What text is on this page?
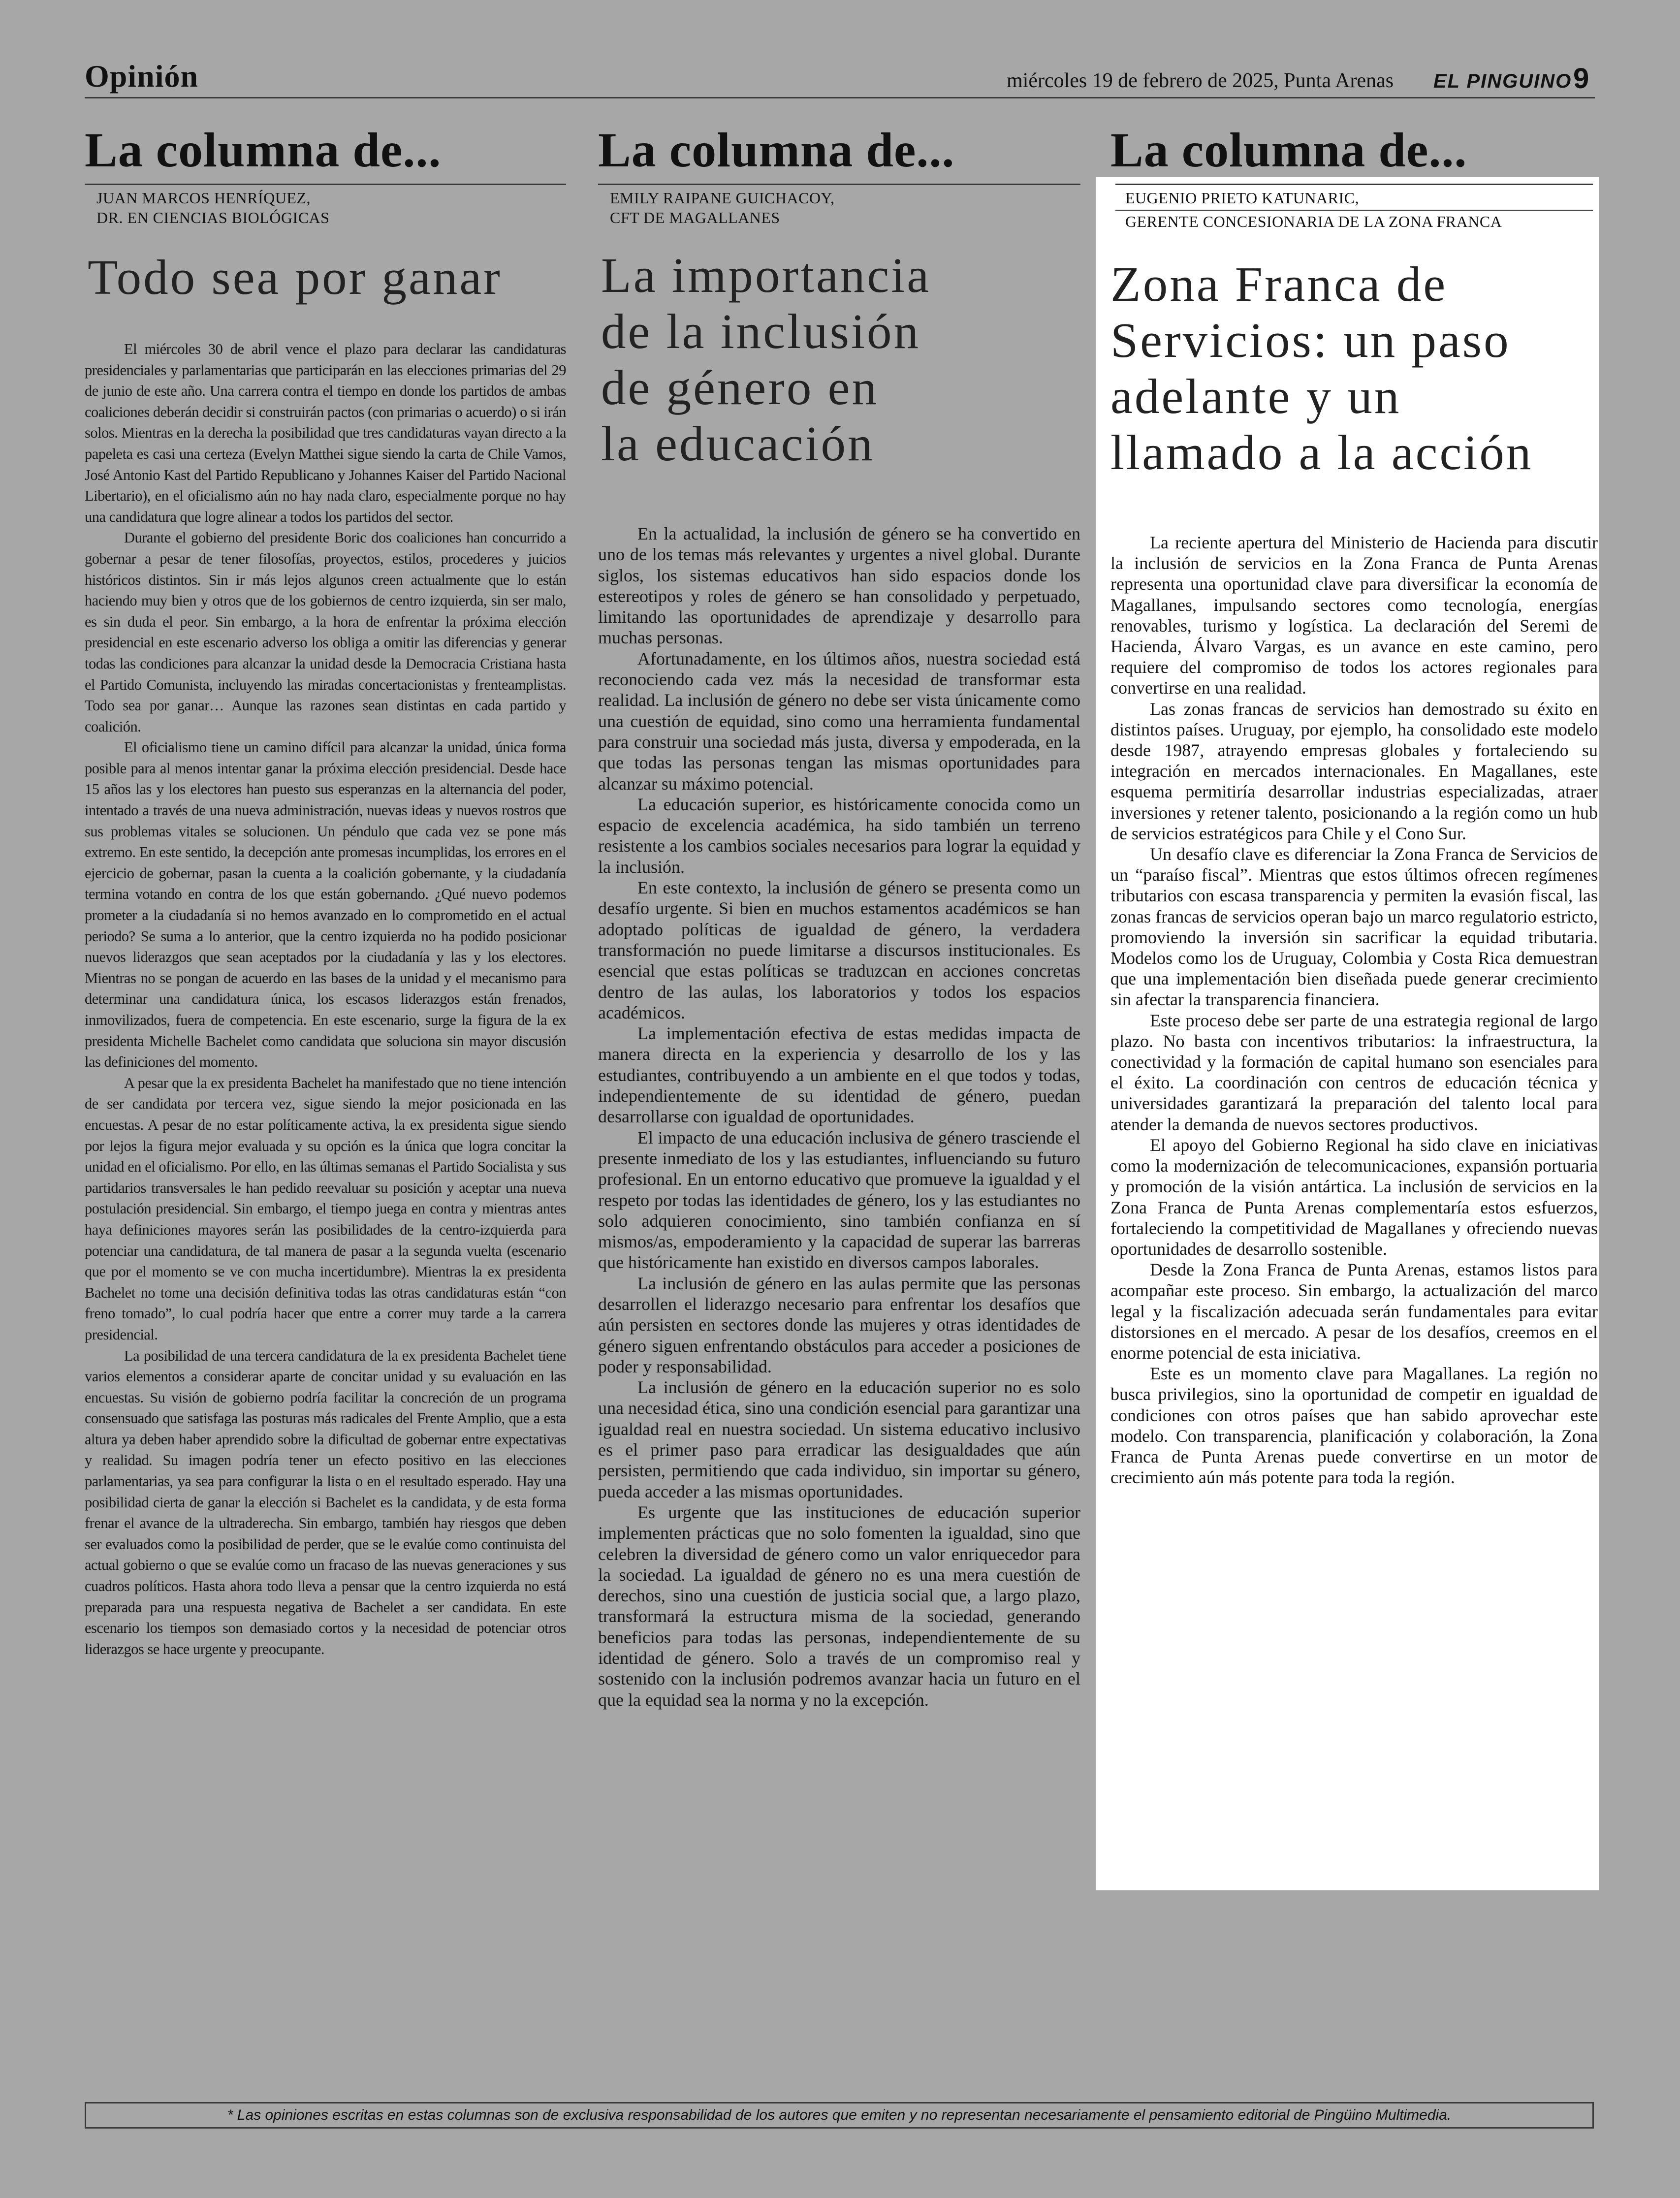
Opinión	miércoles 19 de febrero de 2025, Punta Arenas EL PINGUINO 9
La columna de...
JUAN MARCOS HENRÍQUEZ,
DR. EN CIENCIAS BIOLÓGICAS
Todo sea por ganar

El miércoles 30 de abril vence el plazo para declarar las candidaturas presidenciales y parlamentarias que participarán en las elecciones primarias del 29 de junio de este año. Una carrera contra el tiempo en donde los partidos de ambas coaliciones deberán decidir si construirán pactos (con primarias o acuerdo) o si irán solos. Mientras en la derecha la posibilidad que tres candidaturas vayan directo a la papeleta es casi una certeza (Evelyn Matthei sigue siendo la carta de Chile Vamos, José Antonio Kast del Partido Republicano y Johannes Kaiser del Partido Nacional Libertario), en el oficialismo aún no hay nada claro, especialmente porque no hay una candidatura que logre alinear a todos los partidos del sector.

Durante el gobierno del presidente Boric dos coaliciones han concurrido a gobernar a pesar de tener filosofías, proyectos, estilos, procederes y juicios históricos distintos. Sin ir más lejos algunos creen actualmente que lo están haciendo muy bien y otros que de los gobiernos de centro izquierda, sin ser malo, es sin duda el peor. Sin embargo, a la hora de enfrentar la próxima elección presidencial en este escenario adverso los obliga a omitir las diferencias y generar todas las condiciones para alcanzar la unidad desde la Democracia Cristiana hasta el Partido Comunista, incluyendo las miradas concertacionistas y frenteamplistas. Todo sea por ganar… Aunque las razones sean distintas en cada partido y coalición.

El oficialismo tiene un camino difícil para alcanzar la unidad, única forma posible para al menos intentar ganar la próxima elección presidencial. Desde hace 15 años las y los electores han puesto sus esperanzas en la alternancia del poder, intentado a través de una nueva administración, nuevas ideas y nuevos rostros que sus problemas vitales se solucionen. Un péndulo que cada vez se pone más extremo. En este sentido, la decepción ante promesas incumplidas, los errores en el ejercicio de gobernar, pasan la cuenta a la coalición gobernante, y la ciudadanía termina votando en contra de los que están gobernando. ¿Qué nuevo podemos prometer a la ciudadanía si no hemos avanzado en lo comprometido en el actual periodo? Se suma a lo anterior, que la centro izquierda no ha podido posicionar nuevos liderazgos que sean aceptados por la ciudadanía y las y los electores. Mientras no se pongan de acuerdo en las bases de la unidad y el mecanismo para determinar una candidatura única, los escasos liderazgos están frenados, inmovilizados, fuera de competencia. En este escenario, surge la figura de la ex presidenta Michelle Bachelet como candidata que soluciona sin mayor discusión las definiciones del momento.

A pesar que la ex presidenta Bachelet ha manifestado que no tiene intención de ser candidata por tercera vez, sigue siendo la mejor posicionada en las encuestas. A pesar de no estar políticamente activa, la ex presidenta sigue siendo por lejos la figura mejor evaluada y su opción es la única que logra concitar la unidad en el oficialismo. Por ello, en las últimas semanas el Partido Socialista y sus partidarios transversales le han pedido reevaluar su posición y aceptar una nueva postulación presidencial. Sin embargo, el tiempo juega en contra y mientras antes haya definiciones mayores serán las posibilidades de la centro-izquierda para potenciar una candidatura, de tal manera de pasar a la segunda vuelta (escenario que por el momento se ve con mucha incertidumbre). Mientras la ex presidenta Bachelet no tome una decisión definitiva todas las otras candidaturas están “con freno tomado”, lo cual podría hacer que entre a correr muy tarde a la carrera presidencial.

La posibilidad de una tercera candidatura de la ex presidenta Bachelet tiene varios elementos a considerar aparte de concitar unidad y su evaluación en las encuestas. Su visión de gobierno podría facilitar la concreción de un programa consensuado que satisfaga las posturas más radicales del Frente Amplio, que a esta altura ya deben haber aprendido sobre la dificultad de gobernar entre expectativas y realidad. Su imagen podría tener un efecto positivo en las elecciones parlamentarias, ya sea para configurar la lista o en el resultado esperado. Hay una posibilidad cierta de ganar la elección si Bachelet es la candidata, y de esta forma frenar el avance de la ultraderecha. Sin embargo, también hay riesgos que deben ser evaluados como la posibilidad de perder, que se le evalúe como continuista del actual gobierno o que se evalúe como un fracaso de las nuevas generaciones y sus cuadros políticos. Hasta ahora todo lleva a pensar que la centro izquierda no está preparada para una respuesta negativa de Bachelet a ser candidata. En este escenario los tiempos son demasiado cortos y la necesidad de potenciar otros liderazgos se hace urgente y preocupante.

La columna de...
EMILY RAIPANE GUICHACOY,
CFT DE MAGALLANES
La importancia
de la inclusión
de género en
la educación

En la actualidad, la inclusión de género se ha convertido en uno de los temas más relevantes y urgentes a nivel global. Durante siglos, los sistemas educativos han sido espacios donde los estereotipos y roles de género se han consolidado y perpetuado, limitando las oportunidades de aprendizaje y desarrollo para muchas personas.

Afortunadamente, en los últimos años, nuestra sociedad está reconociendo cada vez más la necesidad de transformar esta realidad. La inclusión de género no debe ser vista únicamente como una cuestión de equidad, sino como una herramienta fundamental para construir una sociedad más justa, diversa y empoderada, en la que todas las personas tengan las mismas oportunidades para alcanzar su máximo potencial.

La educación superior, es históricamente conocida como un espacio de excelencia académica, ha sido también un terreno resistente a los cambios sociales necesarios para lograr la equidad y la inclusión.

En este contexto, la inclusión de género se presenta como un desafío urgente. Si bien en muchos estamentos académicos se han adoptado políticas de igualdad de género, la verdadera transformación no puede limitarse a discursos institucionales. Es esencial que estas políticas se traduzcan en acciones concretas dentro de las aulas, los laboratorios y todos los espacios académicos.

La implementación efectiva de estas medidas impacta de manera directa en la experiencia y desarrollo de los y las estudiantes, contribuyendo a un ambiente en el que todos y todas, independientemente de su identidad de género, puedan desarrollarse con igualdad de oportunidades.

El impacto de una educación inclusiva de género trasciende el presente inmediato de los y las estudiantes, influenciando su futuro profesional. En un entorno educativo que promueve la igualdad y el respeto por todas las identidades de género, los y las estudiantes no solo adquieren conocimiento, sino también confianza en sí mismos/as, empoderamiento y la capacidad de superar las barreras que históricamente han existido en diversos campos laborales.

La inclusión de género en las aulas permite que las personas desarrollen el liderazgo necesario para enfrentar los desafíos que aún persisten en sectores donde las mujeres y otras identidades de género siguen enfrentando obstáculos para acceder a posiciones de poder y responsabilidad.

La inclusión de género en la educación superior no es solo una necesidad ética, sino una condición esencial para garantizar una igualdad real en nuestra sociedad. Un sistema educativo inclusivo es el primer paso para erradicar las desigualdades que aún persisten, permitiendo que cada individuo, sin importar su género, pueda acceder a las mismas oportunidades.

Es urgente que las instituciones de educación superior implementen prácticas que no solo fomenten la igualdad, sino que celebren la diversidad de género como un valor enriquecedor para la sociedad. La igualdad de género no es una mera cuestión de derechos, sino una cuestión de justicia social que, a largo plazo, transformará la estructura misma de la sociedad, generando beneficios para todas las personas, independientemente de su identidad de género. Solo a través de un compromiso real y sostenido con la inclusión podremos avanzar hacia un futuro en el que la equidad sea la norma y no la excepción.

La columna de...
EUGENIO PRIETO KATUNARIC,
GERENTE CONCESIONARIA DE LA ZONA FRANCA
Zona Franca de
Servicios: un paso
adelante y un
llamado a la acción

La reciente apertura del Ministerio de Hacienda para discutir la inclusión de servicios en la Zona Franca de Punta Arenas representa una oportunidad clave para diversificar la economía de Magallanes, impulsando sectores como tecnología, energías renovables, turismo y logística. La declaración del Seremi de Hacienda, Álvaro Vargas, es un avance en este camino, pero requiere del compromiso de todos los actores regionales para convertirse en una realidad.

Las zonas francas de servicios han demostrado su éxito en distintos países. Uruguay, por ejemplo, ha consolidado este modelo desde 1987, atrayendo empresas globales y fortaleciendo su integración en mercados internacionales. En Magallanes, este esquema permitiría desarrollar industrias especializadas, atraer inversiones y retener talento, posicionando a la región como un hub de servicios estratégicos para Chile y el Cono Sur.

Un desafío clave es diferenciar la Zona Franca de Servicios de un “paraíso fiscal”. Mientras que estos últimos ofrecen regímenes tributarios con escasa transparencia y permiten la evasión fiscal, las zonas francas de servicios operan bajo un marco regulatorio estricto, promoviendo la inversión sin sacrificar la equidad tributaria. Modelos como los de Uruguay, Colombia y Costa Rica demuestran que una implementación bien diseñada puede generar crecimiento sin afectar la transparencia financiera.

Este proceso debe ser parte de una estrategia regional de largo plazo. No basta con incentivos tributarios: la infraestructura, la conectividad y la formación de capital humano son esenciales para el éxito. La coordinación con centros de educación técnica y universidades garantizará la preparación del talento local para atender la demanda de nuevos sectores productivos.

El apoyo del Gobierno Regional ha sido clave en iniciativas como la modernización de telecomunicaciones, expansión portuaria y promoción de la visión antártica. La inclusión de servicios en la Zona Franca de Punta Arenas complementaría estos esfuerzos, fortaleciendo la competitividad de Magallanes y ofreciendo nuevas oportunidades de desarrollo sostenible.

Desde la Zona Franca de Punta Arenas, estamos listos para acompañar este proceso. Sin embargo, la actualización del marco legal y la fiscalización adecuada serán fundamentales para evitar distorsiones en el mercado. A pesar de los desafíos, creemos en el enorme potencial de esta iniciativa.

Este es un momento clave para Magallanes. La región no busca privilegios, sino la oportunidad de competir en igualdad de condiciones con otros países que han sabido aprovechar este modelo. Con transparencia, planificación y colaboración, la Zona Franca de Punta Arenas puede convertirse en un motor de crecimiento aún más potente para toda la región.

* Las opiniones escritas en estas columnas son de exclusiva responsabilidad de los autores que emiten y no representan necesariamente el pensamiento editorial de Pingüino Multimedia.
